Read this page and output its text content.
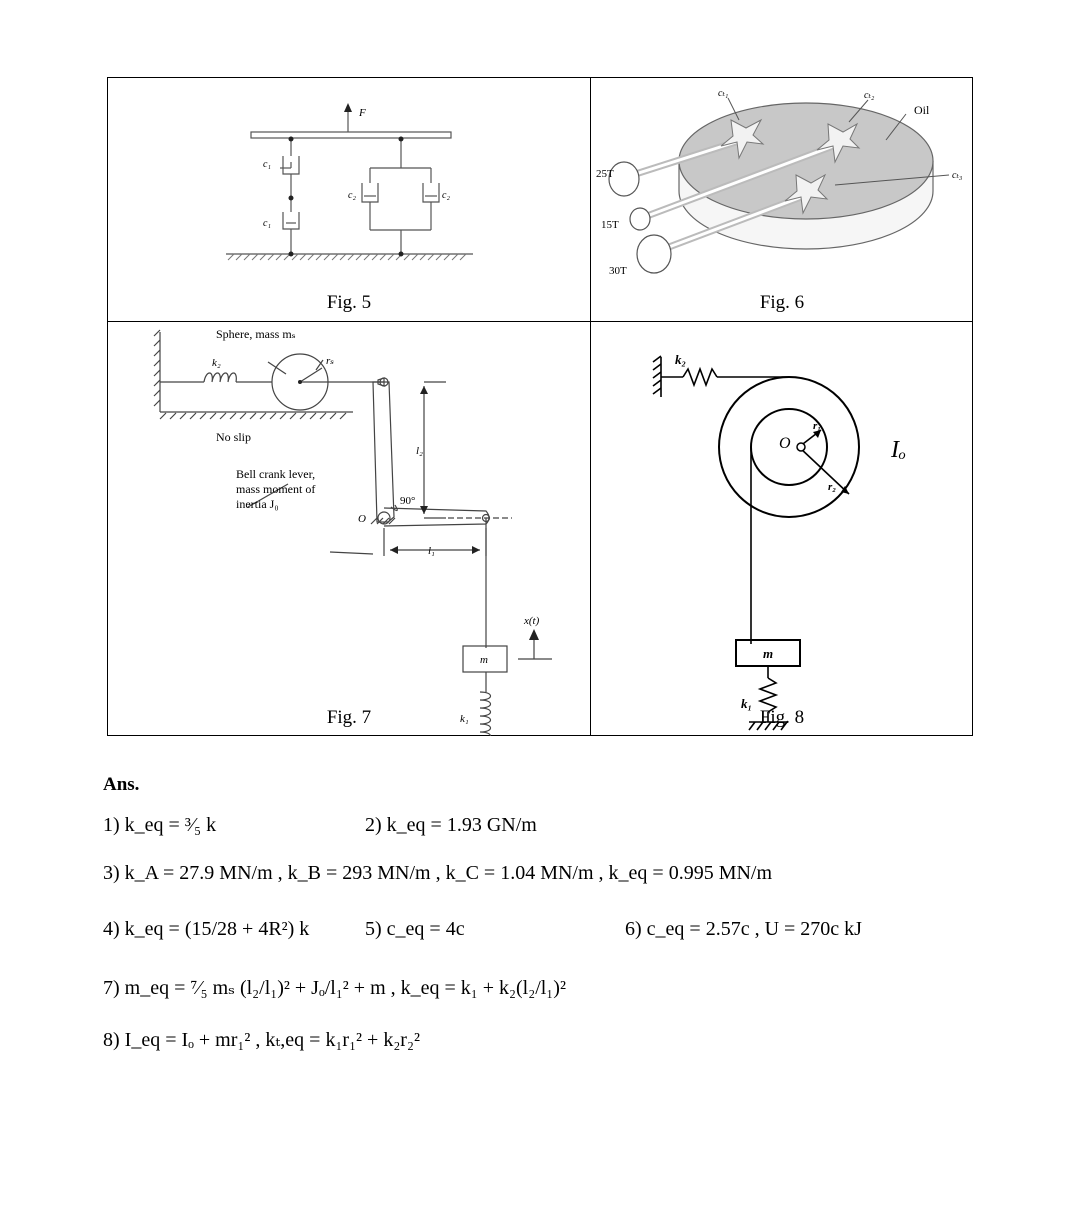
F
c₁
c₁
c₂	c₂
Fig. 5
Oil
25T
15T
30T
cₜ₁	cₜ₂
cₜ₃
Fig. 6
Sphere, mass mₛ
k₂	rₛ
No slip
Bell crank lever,
mass moment of
inertia J₀
l₂
90°
O
l₁
x(t)
m
k₁
Fig. 7
k₂
O
r₁
r₂
Iₒ
m
k₁
Fig. 8
Ans.
1) k_eq = ³⁄₅ k	2) k_eq = 1.93 GN/m
3) k_A = 27.9 MN/m , k_B = 293 MN/m , k_C = 1.04 MN/m , k_eq = 0.995 MN/m
4) k_eq = (15/28 + 4R²) k	5) c_eq = 4c	6) c_eq = 2.57c , U = 270c kJ
7) m_eq = ⁷⁄₅ mₛ (l₂/l₁)² + Jₒ/l₁² + m , k_eq = k₁ + k₂(l₂/l₁)²
8) I_eq = Iₒ + mr₁² , kₜ,eq = k₁r₁² + k₂r₂²
